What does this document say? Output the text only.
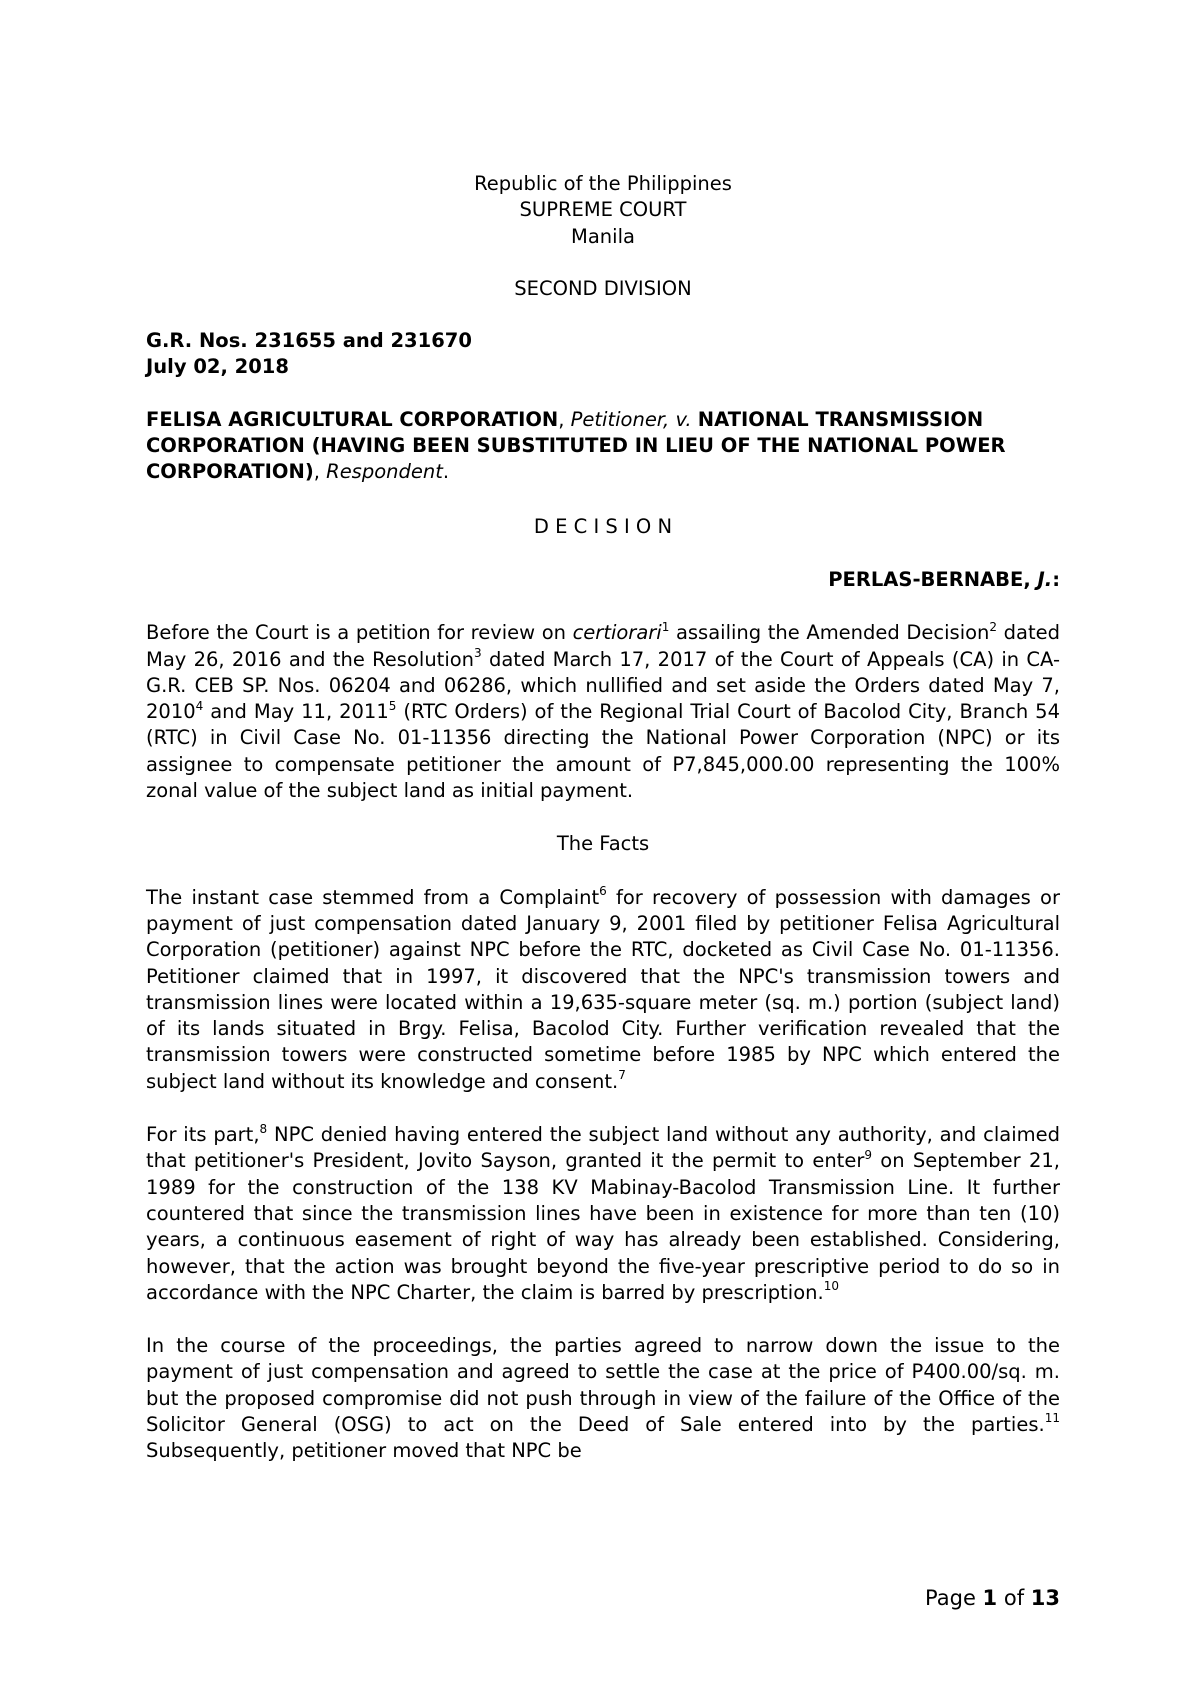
Republic of the Philippines

SUPREME COURT

Manila

SECOND DIVISION

G.R. Nos. 231655 and 231670

July 02, 2018

FELISA AGRICULTURAL CORPORATION, Petitioner, v. NATIONAL TRANSMISSION CORPORATION (HAVING BEEN SUBSTITUTED IN LIEU OF THE NATIONAL POWER CORPORATION), Respondent.

D E C I S I O N

PERLAS-BERNABE, J.:

Before the Court is a petition for review on certiorari$^1$ assailing the Amended Decision$^2$ dated May 26, 2016 and the Resolution$^3$ dated March 17, 2017 of the Court of Appeals (CA) in CA-G.R. CEB SP. Nos. 06204 and 06286, which nullified and set aside the Orders dated May 7, 2010$^4$ and May 11, 2011$^5$ (RTC Orders) of the Regional Trial Court of Bacolod City, Branch 54 (RTC) in Civil Case No. 01-11356 directing the National Power Corporation (NPC) or its assignee to compensate petitioner the amount of P7,845,000.00 representing the 100% zonal value of the subject land as initial payment.

The Facts

The instant case stemmed from a Complaint$^6$ for recovery of possession with damages or payment of just compensation dated January 9, 2001 filed by petitioner Felisa Agricultural Corporation (petitioner) against NPC before the RTC, docketed as Civil Case No. 01-11356. Petitioner claimed that in 1997, it discovered that the NPC's transmission towers and transmission lines were located within a 19,635-square meter (sq. m.) portion (subject land) of its lands situated in Brgy. Felisa, Bacolod City. Further verification revealed that the transmission towers were constructed sometime before 1985 by NPC which entered the subject land without its knowledge and consent.$^7$

For its part,$^8$ NPC denied having entered the subject land without any authority, and claimed that petitioner's President, Jovito Sayson, granted it the permit to enter$^9$ on September 21, 1989 for the construction of the 138 KV Mabinay-Bacolod Transmission Line. It further countered that since the transmission lines have been in existence for more than ten (10) years, a continuous easement of right of way has already been established. Considering, however, that the action was brought beyond the five-year prescriptive period to do so in accordance with the NPC Charter, the claim is barred by prescription.$^{10}$

In the course of the proceedings, the parties agreed to narrow down the issue to the payment of just compensation and agreed to settle the case at the price of P400.00/sq. m. but the proposed compromise did not push through in view of the failure of the Office of the Solicitor General (OSG) to act on the Deed of Sale entered into by the parties.$^{11}$ Subsequently, petitioner moved that NPC be

Page 1 of 13
